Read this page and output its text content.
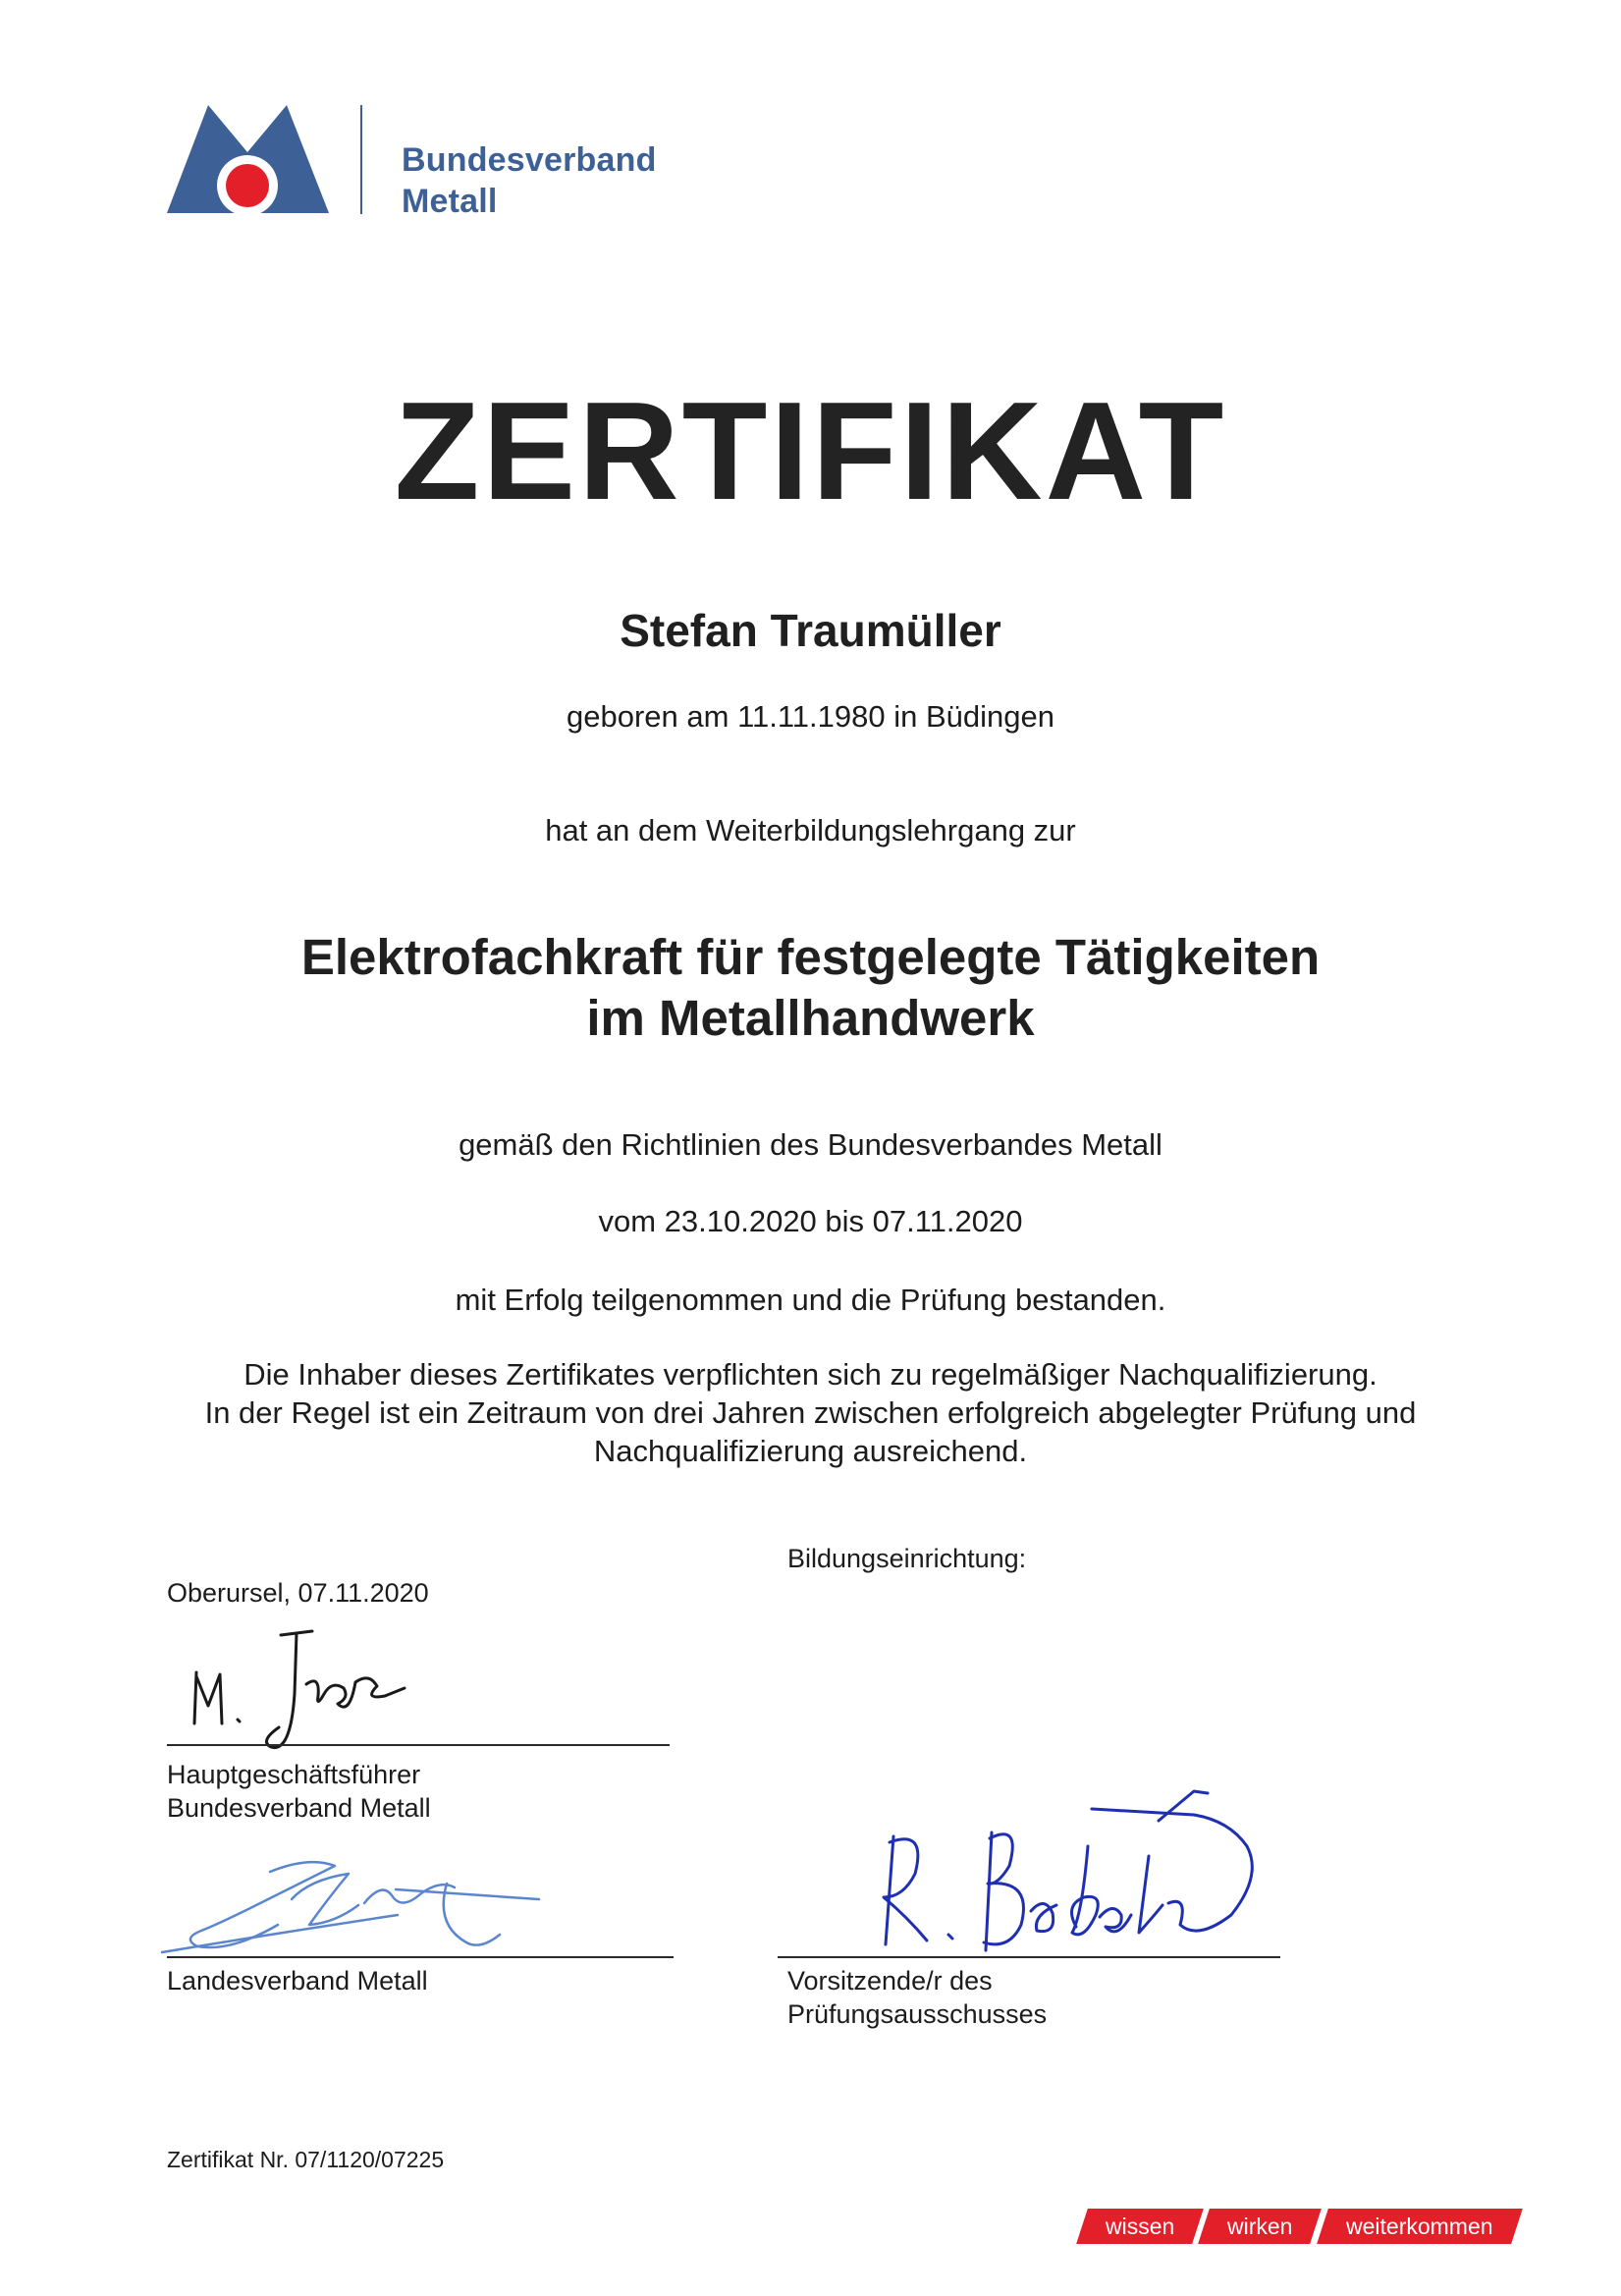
Bundesverband
Metall
ZERTIFIKAT
Stefan Traumüller
geboren am 11.11.1980 in Büdingen
hat an dem Weiterbildungslehrgang zur
Elektrofachkraft für festgelegte Tätigkeiten
im Metallhandwerk
gemäß den Richtlinien des Bundesverbandes Metall
vom 23.10.2020 bis 07.11.2020
mit Erfolg teilgenommen und die Prüfung bestanden.
Die Inhaber dieses Zertifikates verpflichten sich zu regelmäßiger Nachqualifizierung.
In der Regel ist ein Zeitraum von drei Jahren zwischen erfolgreich abgelegter Prüfung und
Nachqualifizierung ausreichend.
Oberursel, 07.11.2020
Bildungseinrichtung:
Hauptgeschäftsführer
Bundesverband Metall
Landesverband Metall	Vorsitzende/r des
Prüfungsausschusses
Zertifikat Nr. 07/1120/07225
wissen	wirken	weiterkommen
